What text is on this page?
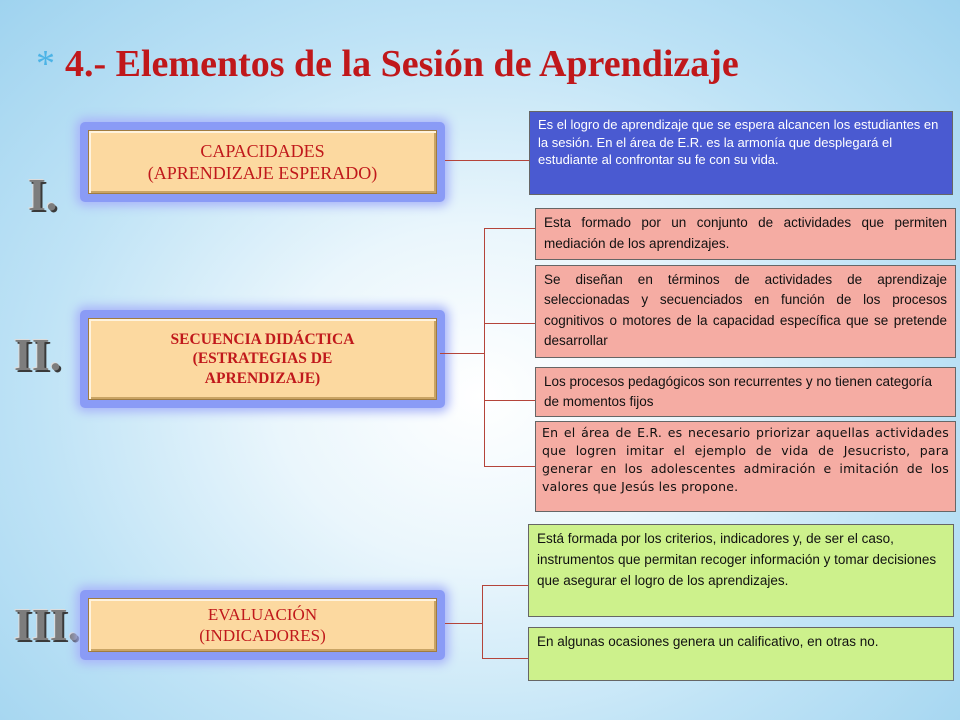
* 4.- Elementos de la Sesión de Aprendizaje
I.
CAPACIDADES
(APRENDIZAJE ESPERADO)
Es el logro de aprendizaje que se espera alcancen los estudiantes en la sesión. En el área de E.R. es la armonía que desplegará el estudiante al confrontar su fe con su vida.
II.	SECUENCIA DIDÁCTICA
(ESTRATEGIAS DE
APRENDIZAJE)
Esta formado por un conjunto de actividades que permiten mediación de los aprendizajes.
Se diseñan en términos de actividades de aprendizaje seleccionadas y secuenciados en función de los procesos cognitivos o motores de la capacidad específica que se pretende desarrollar
Los procesos pedagógicos son recurrentes y no tienen categoría de momentos fijos
En el área de E.R. es necesario priorizar aquellas actividades que logren imitar el ejemplo de vida de Jesucristo, para generar en los adolescentes admiración e imitación de los valores que Jesús les propone.
III.	EVALUACIÓN
(INDICADORES)
Está formada por los criterios, indicadores y, de ser el caso, instrumentos que permitan recoger información y tomar decisiones que asegurar el logro de los aprendizajes.
En algunas ocasiones genera un calificativo, en otras no.
